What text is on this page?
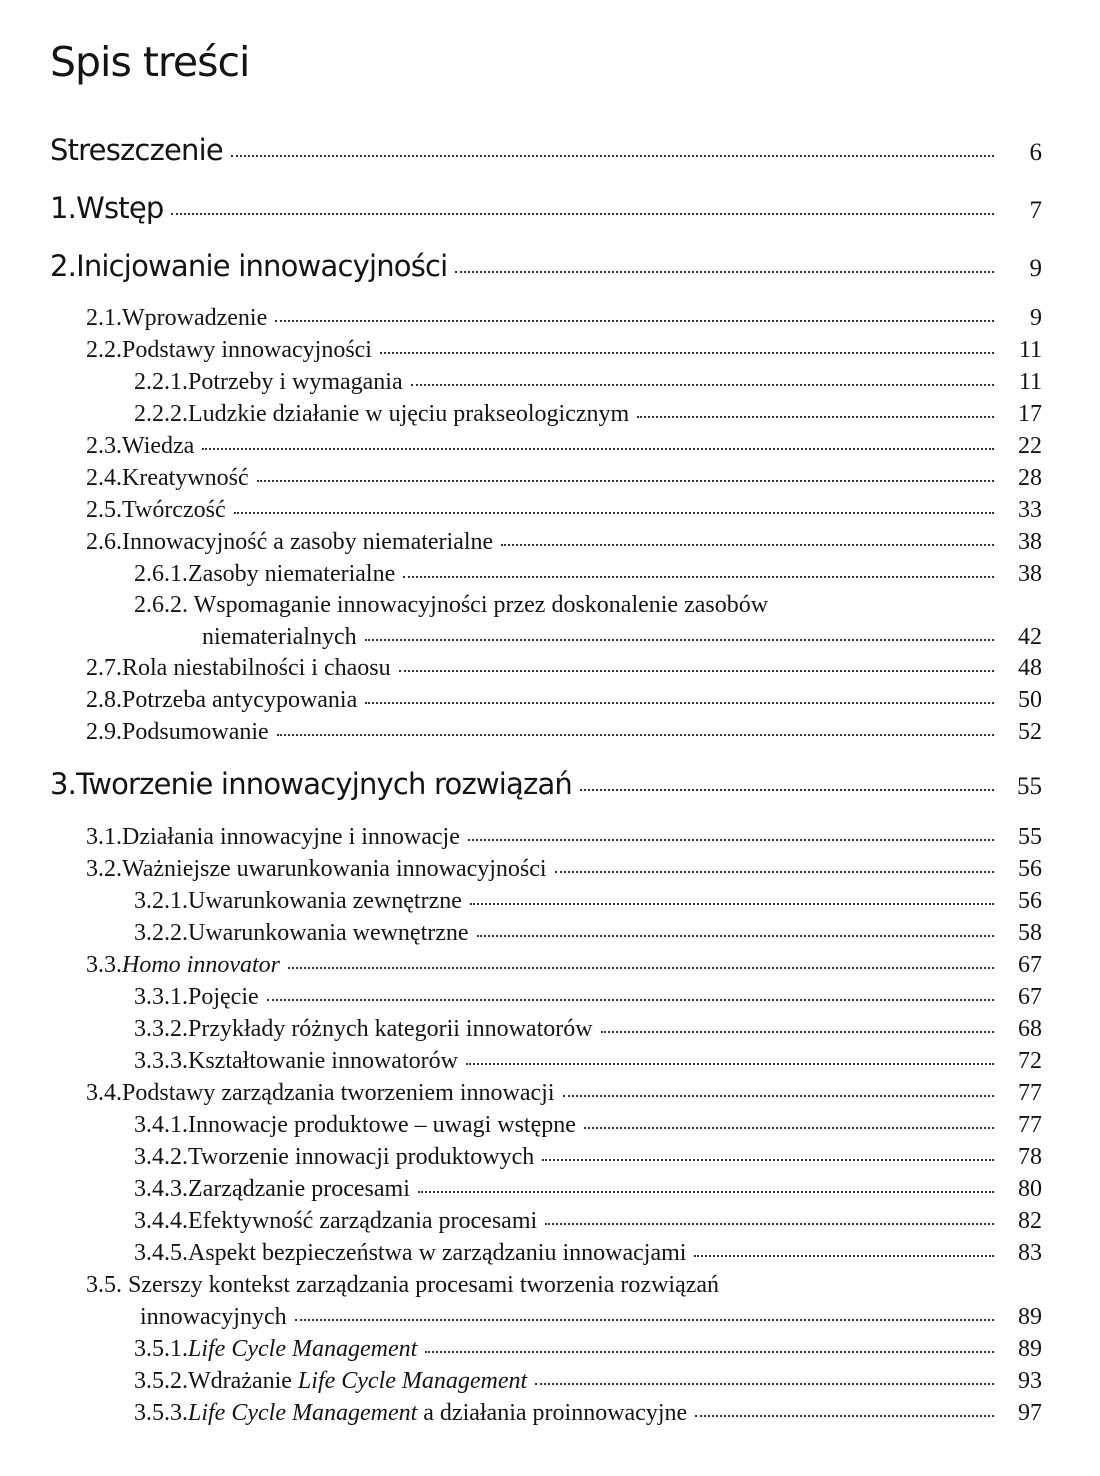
Spis treści
Streszczenie	6
1. Wstęp	7
2. Inicjowanie innowacyjności	9
2.1. Wprowadzenie	9
2.2. Podstawy innowacyjności	11
2.2.1. Potrzeby i wymagania	11
2.2.2. Ludzkie działanie w ujęciu prakseologicznym	17
2.3. Wiedza	22
2.4. Kreatywność	28
2.5. Twórczość	33
2.6. Innowacyjność a zasoby niematerialne	38
2.6.1. Zasoby niematerialne	38
2.6.2. Wspomaganie innowacyjności przez doskonalenie zasobów
niematerialnych	42
2.7. Rola niestabilności i chaosu	48
2.8. Potrzeba antycypowania	50
2.9. Podsumowanie	52
3. Tworzenie innowacyjnych rozwiązań	55
3.1. Działania innowacyjne i innowacje	55
3.2. Ważniejsze uwarunkowania innowacyjności	56
3.2.1. Uwarunkowania zewnętrzne	56
3.2.2. Uwarunkowania wewnętrzne	58
3.3. Homo innovator	67
3.3.1. Pojęcie	67
3.3.2. Przykłady różnych kategorii innowatorów	68
3.3.3. Kształtowanie innowatorów	72
3.4. Podstawy zarządzania tworzeniem innowacji	77
3.4.1. Innowacje produktowe – uwagi wstępne	77
3.4.2. Tworzenie innowacji produktowych	78
3.4.3. Zarządzanie procesami	80
3.4.4. Efektywność zarządzania procesami	82
3.4.5. Aspekt bezpieczeństwa w zarządzaniu innowacjami	83
3.5. Szerszy kontekst zarządzania procesami tworzenia rozwiązań
innowacyjnych	89
3.5.1. Life Cycle Management	89
3.5.2. Wdrażanie Life Cycle Management	93
3.5.3. Life Cycle Management a działania proinnowacyjne	97
